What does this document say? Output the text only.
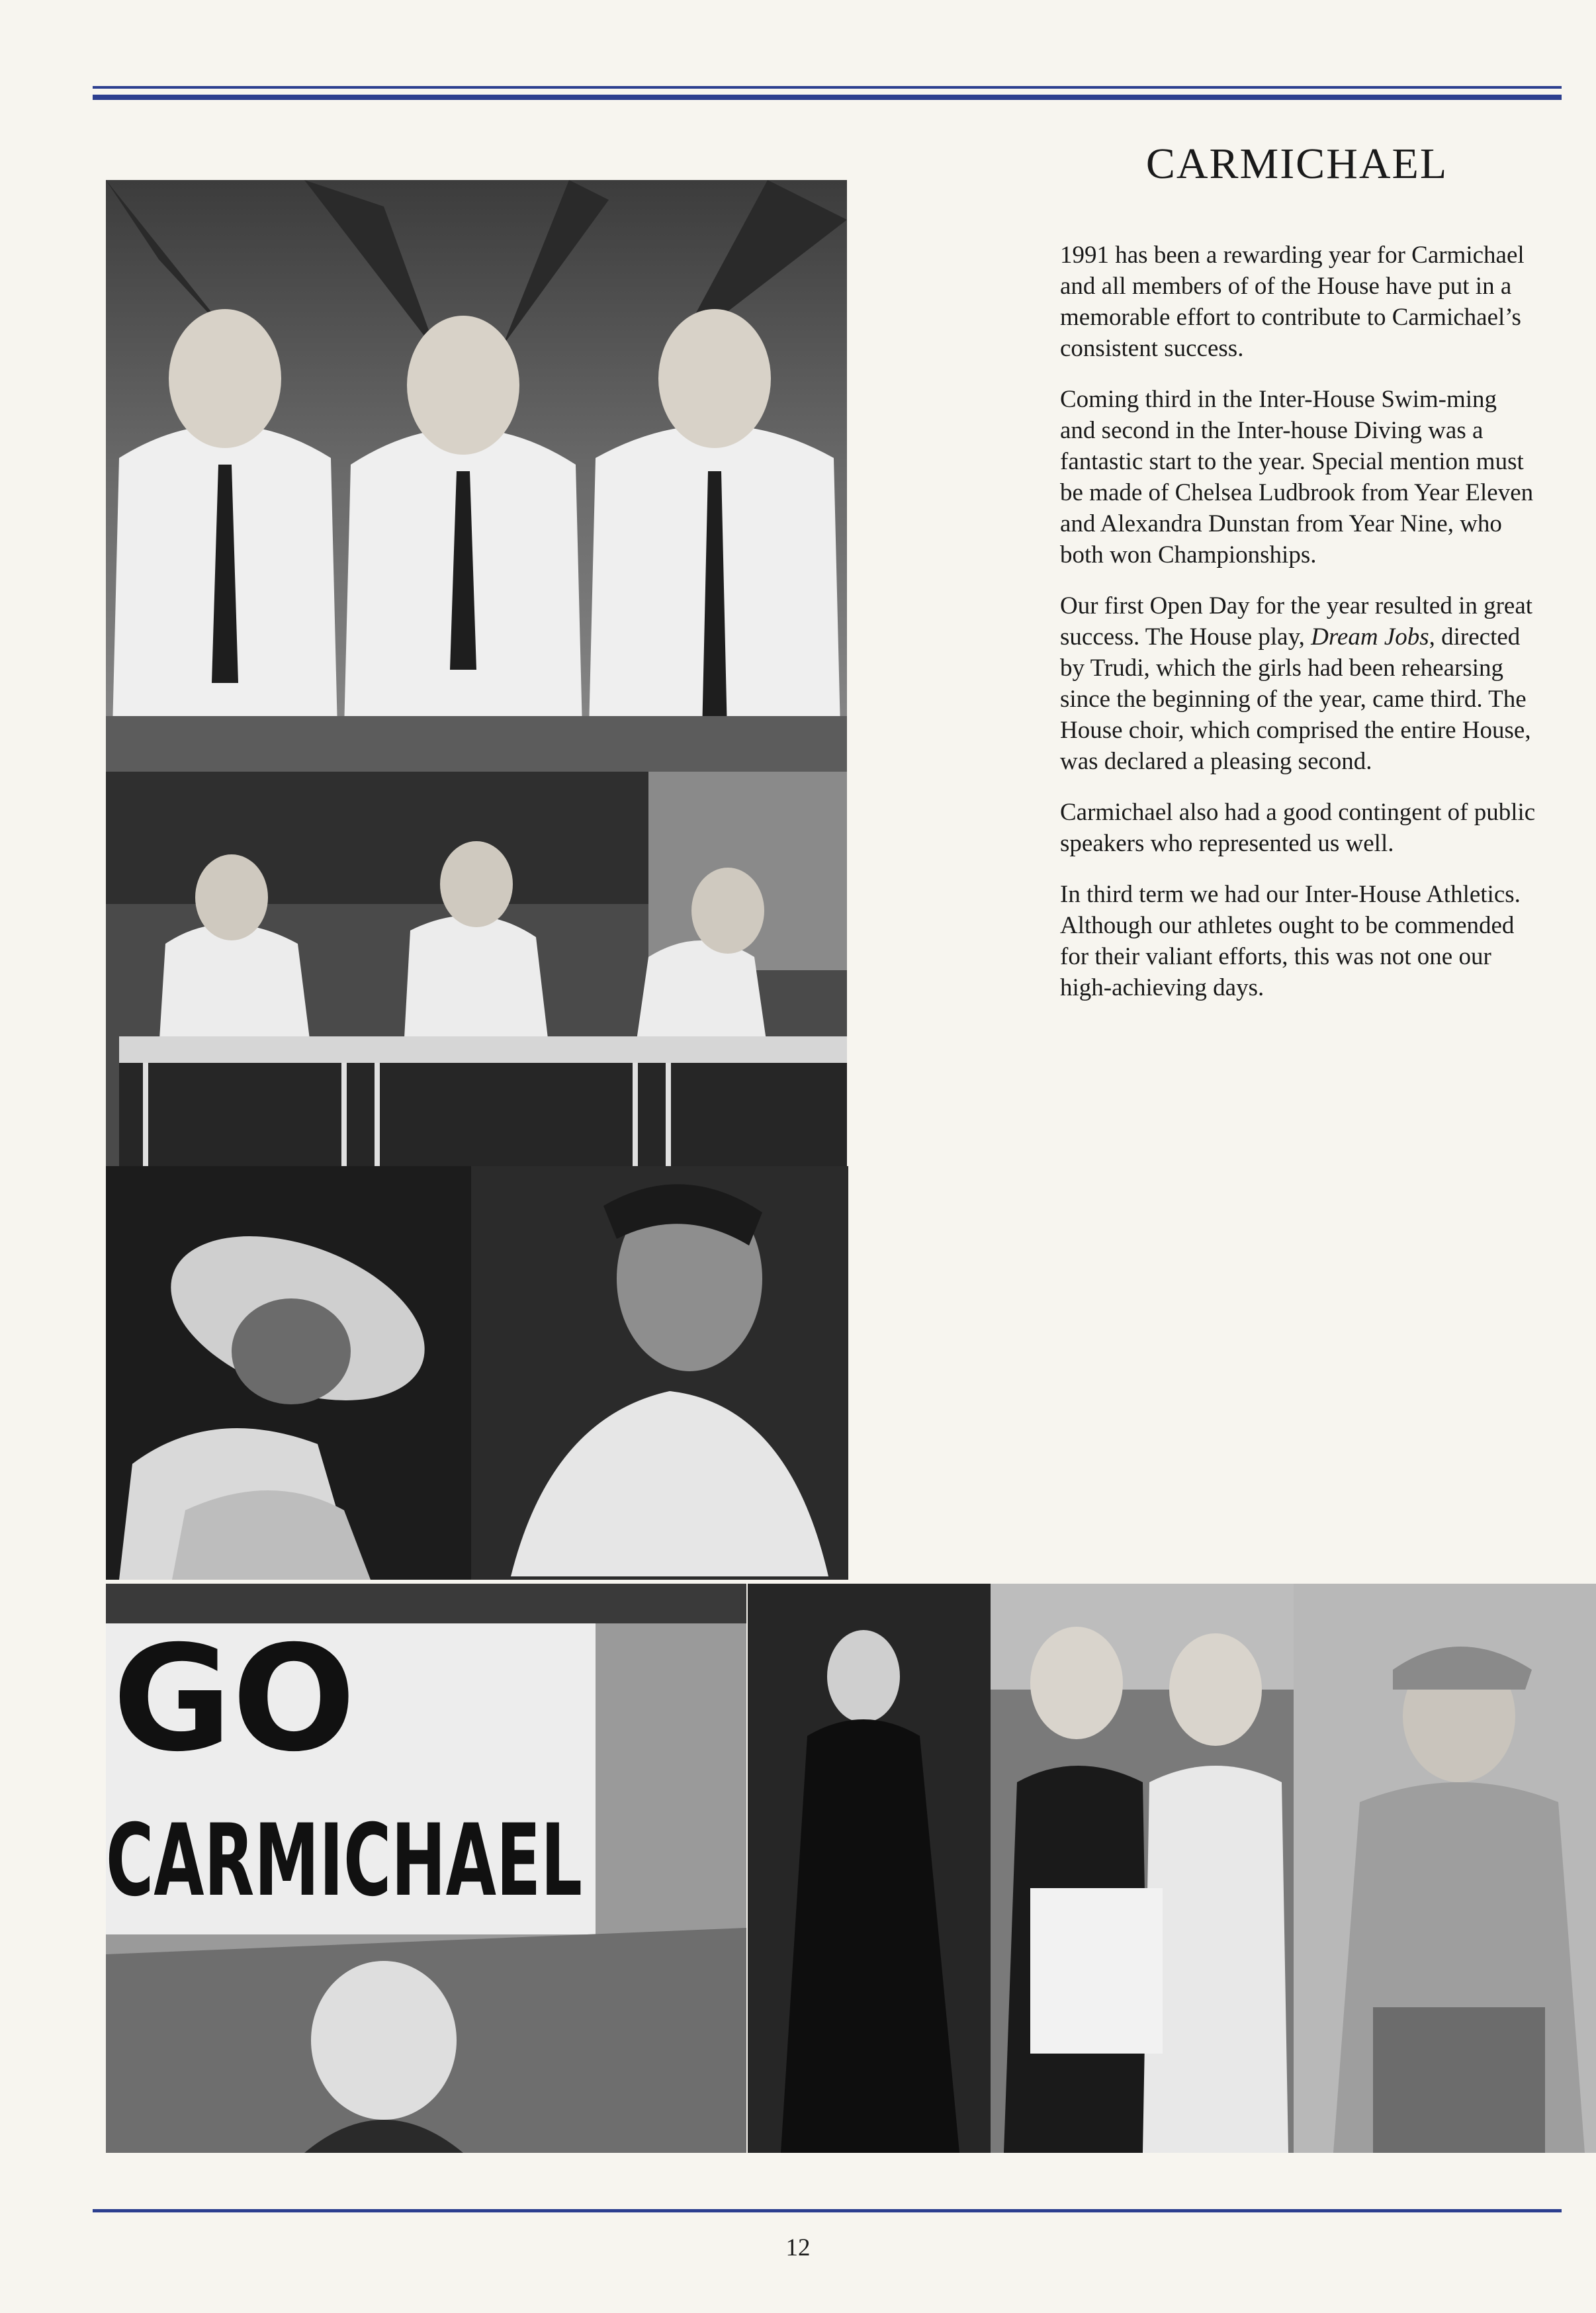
CARMICHAEL

1991 has been a rewarding year for Carmichael and all members of of the House have put in a memorable effort to contribute to Carmichael’s consistent success.

Coming third in the Inter-House Swim-ming and second in the Inter-house Diving was a fantastic start to the year. Special mention must be made of Chelsea Ludbrook from Year Eleven and Alexandra Dunstan from Year Nine, who both won Championships.

Our first Open Day for the year resulted in great success. The House play, Dream Jobs, directed by Trudi, which the girls had been rehearsing since the beginning of the year, came third. The House choir, which comprised the entire House, was declared a pleasing second.

Carmichael also had a good contingent of public speakers who represented us well.

In third term we had our Inter-House Athletics. Although our athletes ought to be commended for their valiant efforts, this was not one our high-achieving days.

GO
CARMICHAEL
12
